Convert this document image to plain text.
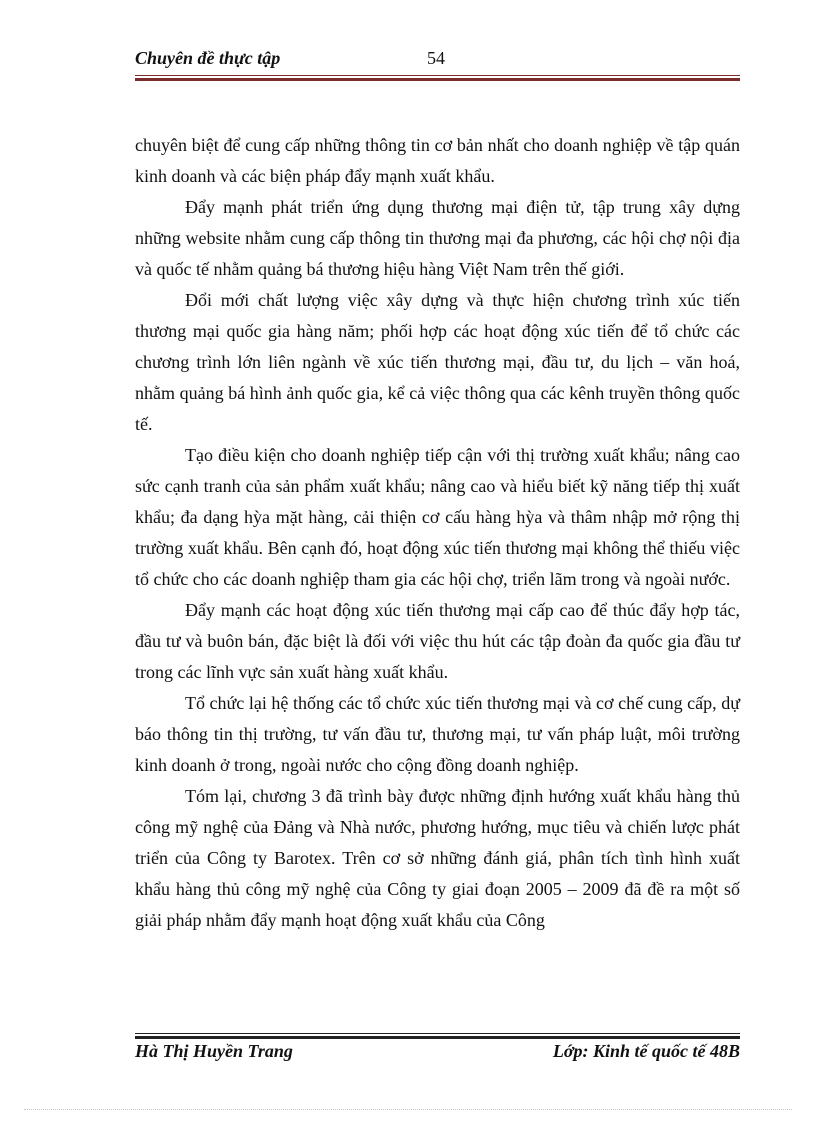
Chuyên đề thực tập	54

chuyên biệt để cung cấp những thông tin cơ bản nhất cho doanh nghiệp về tập quán kinh doanh và các biện pháp đẩy mạnh xuất khẩu.

Đẩy mạnh phát triển ứng dụng thương mại điện tử, tập trung xây dựng những website nhằm cung cấp thông tin thương mại đa phương, các hội chợ nội địa và quốc tế nhằm quảng bá thương hiệu hàng Việt Nam trên thế giới.

Đổi mới chất lượng việc xây dựng và thực hiện chương trình xúc tiến thương mại quốc gia hàng năm; phối hợp các hoạt động xúc tiến để tổ chức các chương trình lớn liên ngành về xúc tiến thương mại, đầu tư, du lịch – văn hoá, nhằm quảng bá hình ảnh quốc gia, kể cả việc thông qua các kênh truyền thông quốc tế.

Tạo điều kiện cho doanh nghiệp tiếp cận với thị trường xuất khẩu; nâng cao sức cạnh tranh của sản phẩm xuất khẩu; nâng cao và hiểu biết kỹ năng tiếp thị xuất khẩu; đa dạng hỳa mặt hàng, cải thiện cơ cấu hàng hỳa và thâm nhập mở rộng thị trường xuất khẩu. Bên cạnh đó, hoạt động xúc tiến thương mại không thể thiếu việc tổ chức cho các doanh nghiệp tham gia các hội chợ, triển lãm trong và ngoài nước.

Đẩy mạnh các hoạt động xúc tiến thương mại cấp cao để thúc đẩy hợp tác, đầu tư và buôn bán, đặc biệt là đối với việc thu hút các tập đoàn đa quốc gia đầu tư trong các lĩnh vực sản xuất hàng xuất khẩu.

Tổ chức lại hệ thống các tổ chức xúc tiến thương mại và cơ chế cung cấp, dự báo thông tin thị trường, tư vấn đầu tư, thương mại, tư vấn pháp luật, môi trường kinh doanh ở trong, ngoài nước cho cộng đồng doanh nghiệp.

Tóm lại, chương 3 đã trình bày được những định hướng xuất khẩu hàng thủ công mỹ nghệ của Đảng và Nhà nước, phương hướng, mục tiêu và chiến lược phát triển của Công ty Barotex. Trên cơ sở những đánh giá, phân tích tình hình xuất khẩu hàng thủ công mỹ nghệ của Công ty giai đoạn 2005 – 2009 đã đề ra một số giải pháp nhằm đẩy mạnh hoạt động xuất khẩu của Công

Hà Thị Huyền Trang	Lớp: Kinh tế quốc tế 48B
